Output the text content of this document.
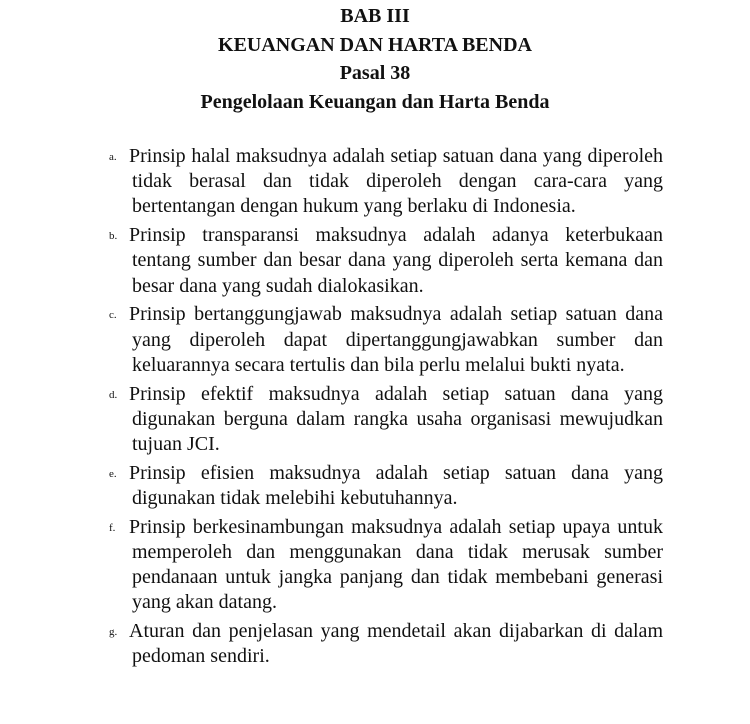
BAB III
KEUANGAN DAN HARTA BENDA
Pasal 38
Pengelolaan Keuangan dan Harta Benda
a. Prinsip halal maksudnya adalah setiap satuan dana yang diperoleh tidak berasal dan tidak diperoleh dengan cara-cara yang bertentangan dengan hukum yang berlaku di Indonesia.
b. Prinsip transparansi maksudnya adalah adanya keterbukaan tentang sumber dan besar dana yang diperoleh serta kemana dan besar dana yang sudah dialokasikan.
c. Prinsip bertanggungjawab maksudnya adalah setiap satuan dana yang diperoleh dapat dipertanggungjawabkan sumber dan keluarannya secara tertulis dan bila perlu melalui bukti nyata.
d. Prinsip efektif maksudnya adalah setiap satuan dana yang digunakan berguna dalam rangka usaha organisasi mewujudkan tujuan JCI.
e. Prinsip efisien maksudnya adalah setiap satuan dana yang digunakan tidak melebihi kebutuhannya.
f. Prinsip berkesinambungan maksudnya adalah setiap upaya untuk memperoleh dan menggunakan dana tidak merusak sumber pendanaan untuk jangka panjang dan tidak membebani generasi yang akan datang.
g. Aturan dan penjelasan yang mendetail akan dijabarkan di dalam pedoman sendiri.
